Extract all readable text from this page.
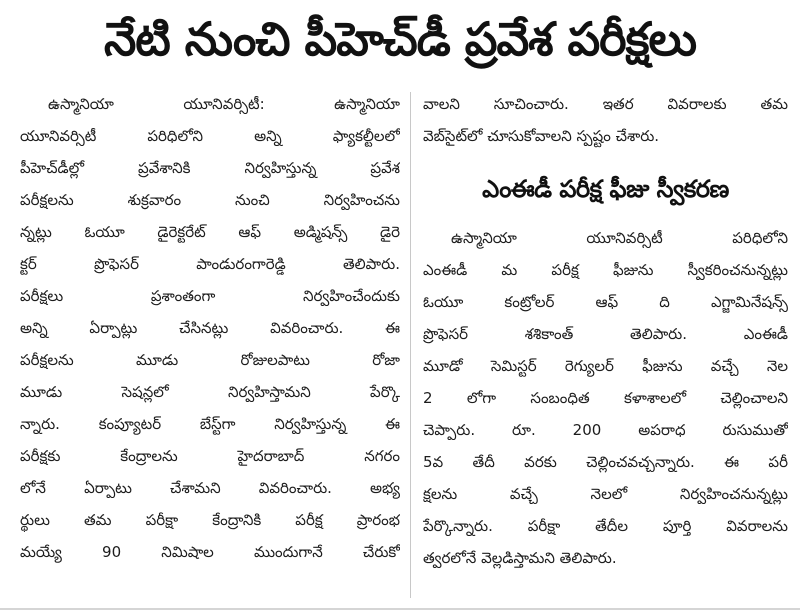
నేటి నుంచి పీహెచ్‌డీ ప్రవేశ పరీక్షలు
ఉస్మానియా యూనివర్సిటీ: ఉస్మానియా
యూనివర్సిటీ పరిధిలోని అన్ని ఫ్యాకల్టీలలో
పీహెచ్‌డీల్లో ప్రవేశానికి నిర్వహిస్తున్న ప్రవేశ
పరీక్షలను శుక్రవారం నుంచి నిర్వహించను
న్నట్లు ఓయూ డైరెక్టరేట్ ఆఫ్ అడ్మిషన్స్ డైరె
క్టర్ ప్రొఫెసర్ పాండురంగారెడ్డి తెలిపారు.
పరీక్షలు ప్రశాంతంగా నిర్వహించేందుకు
అన్ని ఏర్పాట్లు చేసినట్లు వివరించారు. ఈ
పరీక్షలను మూడు రోజులపాటు రోజా
మూడు సెషన్లలో నిర్వహిస్తామని పేర్కొ
న్నారు. కంప్యూటర్ బేస్ట్‌గా నిర్వహిస్తున్న ఈ
పరీక్షకు కేంద్రాలను హైదరాబాద్ నగరం
లోనే ఏర్పాటు చేశామని వివరించారు. అభ్య
ర్థులు తమ పరీక్షా కేంద్రానికి పరీక్ష ప్రారంభ
మయ్యే 90 నిమిషాల ముందుగానే చేరుకో
వాలని సూచించారు. ఇతర వివరాలకు తమ
వెబ్‌సైట్‌లో చూసుకోవాలని స్పష్టం చేశారు.
ఎంఈడీ పరీక్ష ఫీజు స్వీకరణ
ఉస్మానియా యూనివర్సిటీ పరిధిలోని
ఎంఈడీ మ పరీక్ష ఫీజును స్వీకరించనున్నట్లు
ఓయూ కంట్రోలర్ ఆఫ్ ది ఎగ్జామినేషన్స్
ప్రొఫెసర్ శశికాంత్ తెలిపారు. ఎంఈడీ
మూడో సెమిస్టర్ రెగ్యులర్ ఫీజును వచ్చే నెల
2 లోగా సంబంధిత కళాశాలలో చెల్లించాలని
చెప్పారు. రూ. 200 అపరాధ రుసుముతో
5వ తేదీ వరకు చెల్లించవచ్చన్నారు. ఈ పరీ
క్షలను వచ్చే నెలలో నిర్వహించనున్నట్లు
పేర్కొన్నారు. పరీక్షా తేదీల పూర్తి వివరాలను
త్వరలోనే వెల్లడిస్తామని తెలిపారు.
